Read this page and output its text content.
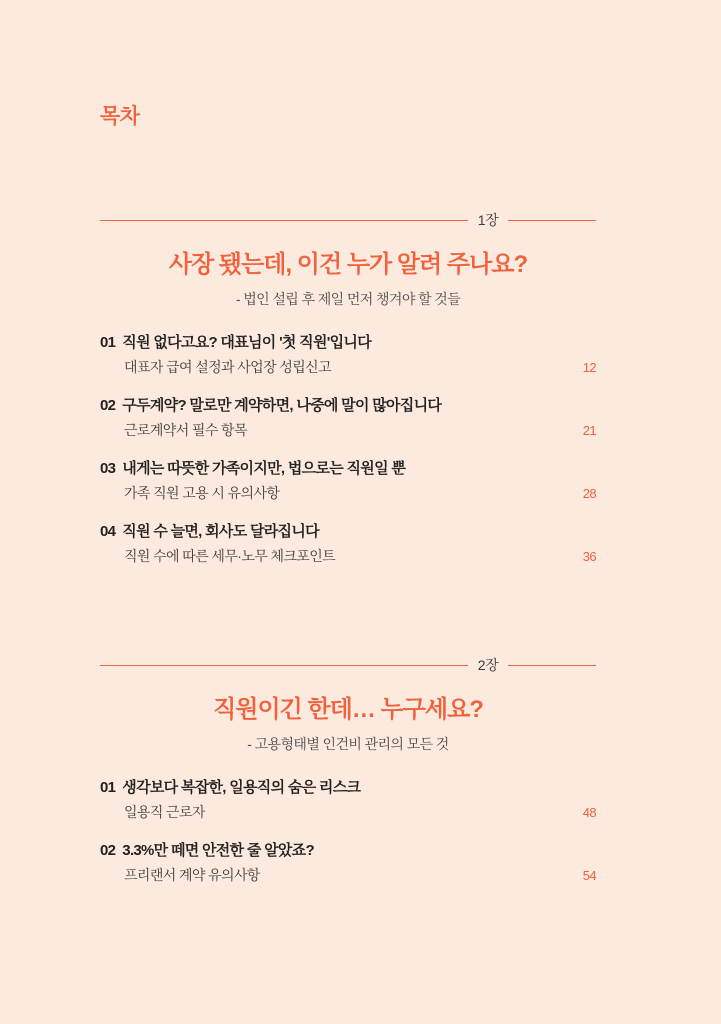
목차
1장
사장 됐는데, 이건 누가 알려 주나요?
- 법인 설립 후 제일 먼저 챙겨야 할 것들
01 직원 없다고요? 대표님이 '첫 직원'입니다
대표자 급여 설정과 사업장 성립신고	12
02 구두계약? 말로만 계약하면, 나중에 말이 많아집니다
근로계약서 필수 항목	21
03 내게는 따뜻한 가족이지만, 법으로는 직원일 뿐
가족 직원 고용 시 유의사항	28
04 직원 수 늘면, 회사도 달라집니다
직원 수에 따른 세무·노무 체크포인트	36
2장
직원이긴 한데… 누구세요?
- 고용형태별 인건비 관리의 모든 것
01 생각보다 복잡한, 일용직의 숨은 리스크
일용직 근로자	48
02 3.3%만 떼면 안전한 줄 알았죠?
프리랜서 계약 유의사항	54
